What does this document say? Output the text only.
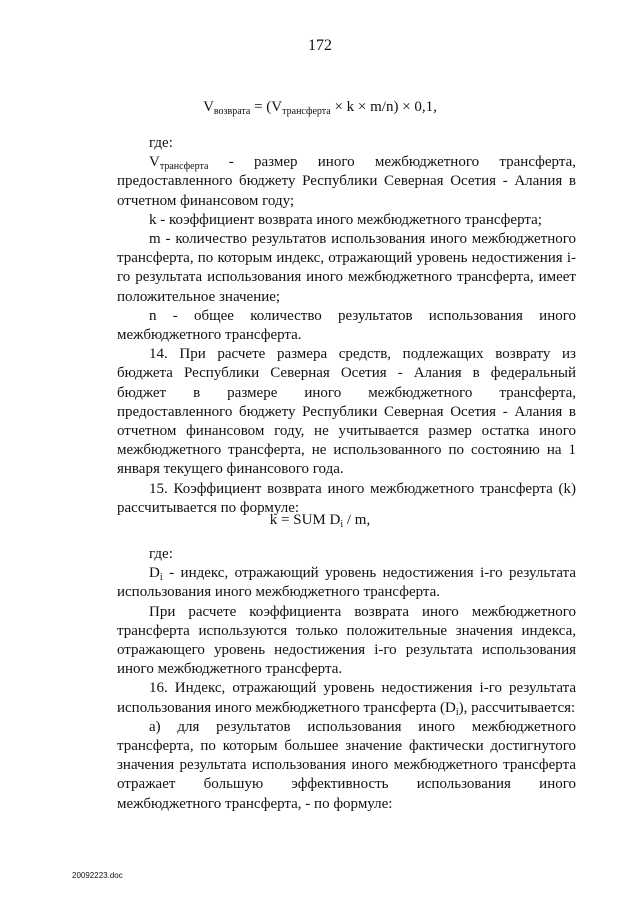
172
$V_{возврата} = (V_{трансферта} \times k \times m/n) \times 0,1$,

где:

$V_{трансферта}$ - размер иного межбюджетного трансферта, предоставленного бюджету Республики Северная Осетия - Алания в отчетном финансовом году;

k - коэффициент возврата иного межбюджетного трансферта;

m - количество результатов использования иного межбюджетного трансферта, по которым индекс, отражающий уровень недостижения i-го результата использования иного межбюджетного трансферта, имеет положительное значение;

n - общее количество результатов использования иного межбюджетного трансферта.

14. При расчете размера средств, подлежащих возврату из бюджета Республики Северная Осетия - Алания в федеральный бюджет в размере иного межбюджетного трансферта, предоставленного бюджету Республики Северная Осетия - Алания в отчетном финансовом году, не учитывается размер остатка иного межбюджетного трансферта, не использованного по состоянию на 1 января текущего финансового года.

15. Коэффициент возврата иного межбюджетного трансферта (k) рассчитывается по формуле:

k = SUM $D_i$ / m,

где:

$D_i$ - индекс, отражающий уровень недостижения i-го результата использования иного межбюджетного трансферта.

При расчете коэффициента возврата иного межбюджетного трансферта используются только положительные значения индекса, отражающего уровень недостижения i-го результата использования иного межбюджетного трансферта.

16. Индекс, отражающий уровень недостижения i-го результата использования иного межбюджетного трансферта $(D_i)$, рассчитывается:

а) для результатов использования иного межбюджетного трансферта, по которым большее значение фактически достигнутого значения результата использования иного межбюджетного трансферта отражает большую эффективность использования иного межбюджетного трансферта, - по формуле:

20092223.doc
